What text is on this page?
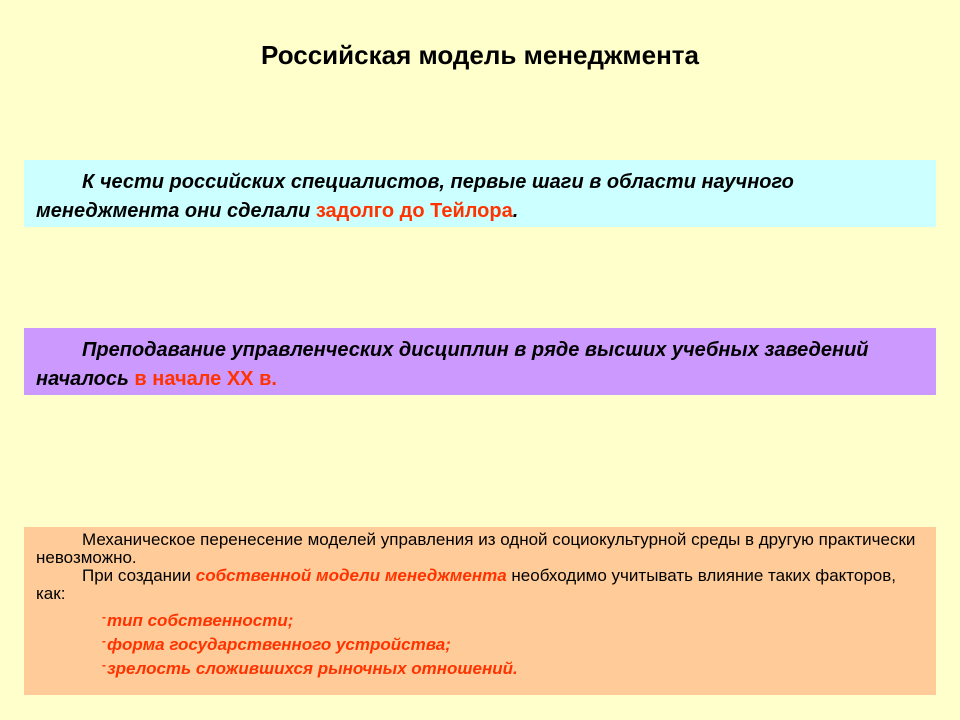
Российская модель менеджмента
К чести российских специалистов, первые шаги в области научного менеджмента они сделали задолго до Тейлора.
Преподавание управленческих дисциплин в ряде высших учебных заведений началось в начале XX в.
Механическое перенесение моделей управления из одной социокультурной среды в другую практически невозможно.
При создании собственной модели менеджмента необходимо учитывать влияние таких факторов, как:
-тип собственности;
-форма государственного устройства;
-зрелость сложившихся рыночных отношений.
